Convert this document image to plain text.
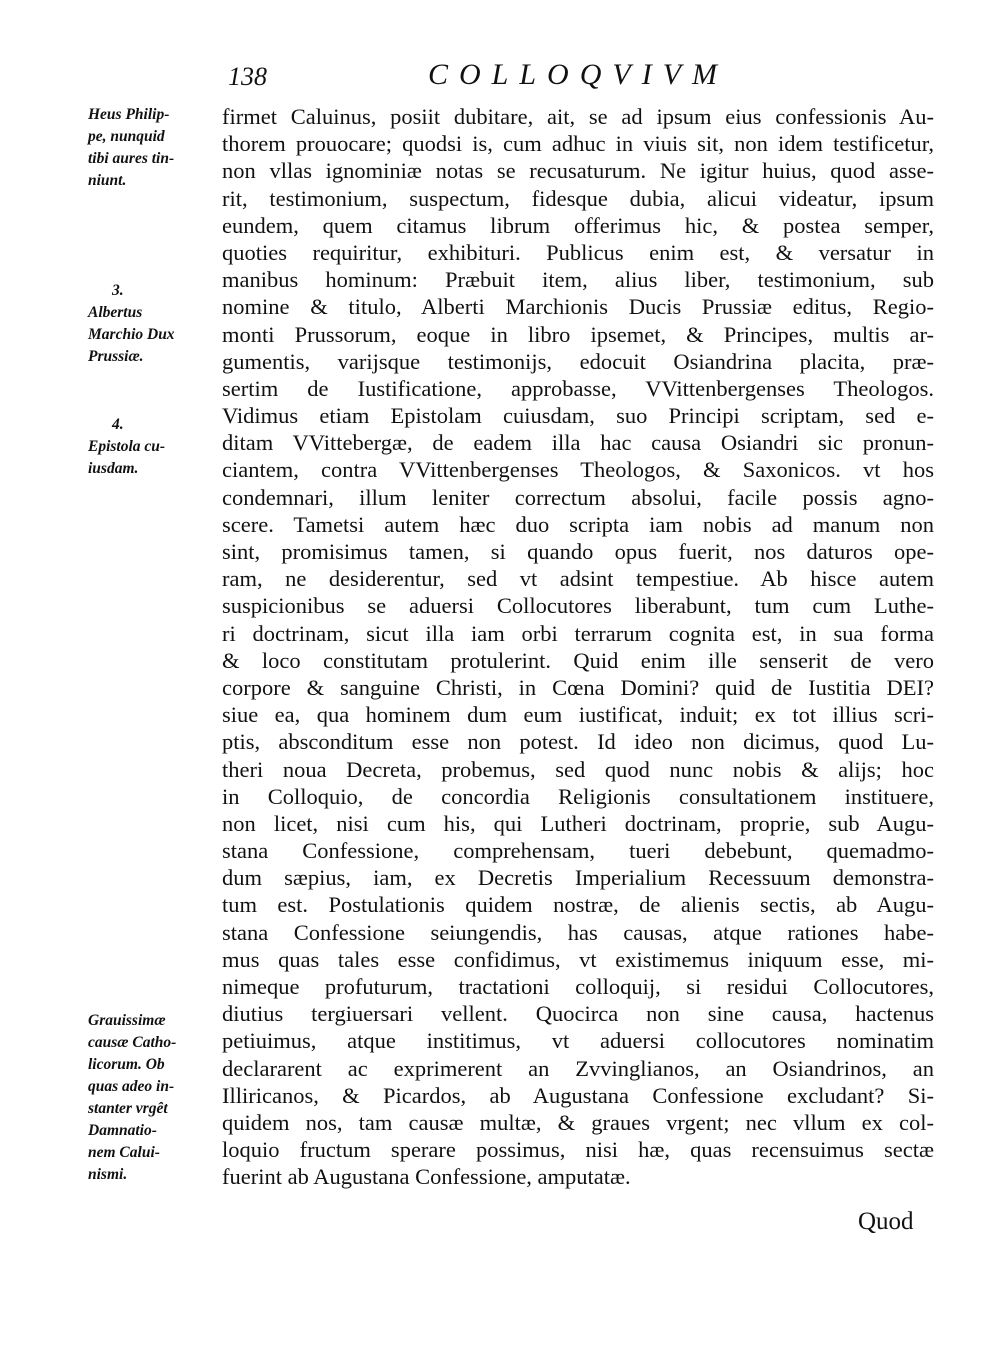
138	COLLOQVIVM
Heus Philip-
pe, nunquid
tibi aures tin-
niunt.
3.
Albertus
Marchio Dux
Prussiæ.
4.
Epistola cu-
iusdam.
Grauissimæ
causæ Catho-
licorum. Ob
quas adeo in-
stanter vrgêt
Damnatio-
nem Calui-
nismi.
firmet Caluinus, posiit dubitare, ait, se ad ipsum eius confessionis Au-
thorem prouocare; quodsi is, cum adhuc in viuis sit, non idem testificetur,
non vllas ignominiæ notas se recusaturum. Ne igitur huius, quod asse-
rit, testimonium, suspectum, fidesque dubia, alicui videatur, ipsum
eundem, quem citamus librum offerimus hic, & postea semper,
quoties requiritur, exhibituri. Publicus enim est, & versatur in
manibus hominum: Præbuit item, alius liber, testimonium, sub
nomine & titulo, Alberti Marchionis Ducis Prussiæ editus, Regio-
monti Prussorum, eoque in libro ipsemet, & Principes, multis ar-
gumentis, varijsque testimonijs, edocuit Osiandrina placita, præ-
sertim de Iustificatione, approbasse, VVittenbergenses Theologos.
Vidimus etiam Epistolam cuiusdam, suo Principi scriptam, sed e-
ditam VVittebergæ, de eadem illa hac causa Osiandri sic pronun-
ciantem, contra VVittenbergenses Theologos, & Saxonicos. vt hos
condemnari, illum leniter correctum absolui, facile possis agno-
scere. Tametsi autem hæc duo scripta iam nobis ad manum non
sint, promisimus tamen, si quando opus fuerit, nos daturos ope-
ram, ne desiderentur, sed vt adsint tempestiue. Ab hisce autem
suspicionibus se aduersi Collocutores liberabunt, tum cum Luthe-
ri doctrinam, sicut illa iam orbi terrarum cognita est, in sua forma
& loco constitutam protulerint. Quid enim ille senserit de vero
corpore & sanguine Christi, in Cœna Domini? quid de Iustitia DEI?
siue ea, qua hominem dum eum iustificat, induit; ex tot illius scri-
ptis, absconditum esse non potest. Id ideo non dicimus, quod Lu-
theri noua Decreta, probemus, sed quod nunc nobis & alijs; hoc
in Colloquio, de concordia Religionis consultationem instituere,
non licet, nisi cum his, qui Lutheri doctrinam, proprie, sub Augu-
stana Confessione, comprehensam, tueri debebunt, quemadmo-
dum sæpius, iam, ex Decretis Imperialium Recessuum demonstra-
tum est. Postulationis quidem nostræ, de alienis sectis, ab Augu-
stana Confessione seiungendis, has causas, atque rationes habe-
mus quas tales esse confidimus, vt existimemus iniquum esse, mi-
nimeque profuturum, tractationi colloquij, si residui Collocutores,
diutius tergiuersari vellent. Quocirca non sine causa, hactenus
petiuimus, atque institimus, vt aduersi collocutores nominatim
declararent ac exprimerent an Zvvinglianos, an Osiandrinos, an
Illiricanos, & Picardos, ab Augustana Confessione excludant? Si-
quidem nos, tam causæ multæ, & graues vrgent; nec vllum ex col-
loquio fructum sperare possimus, nisi hæ, quas recensuimus sectæ
fuerint ab Augustana Confessione, amputatæ.
Quod
